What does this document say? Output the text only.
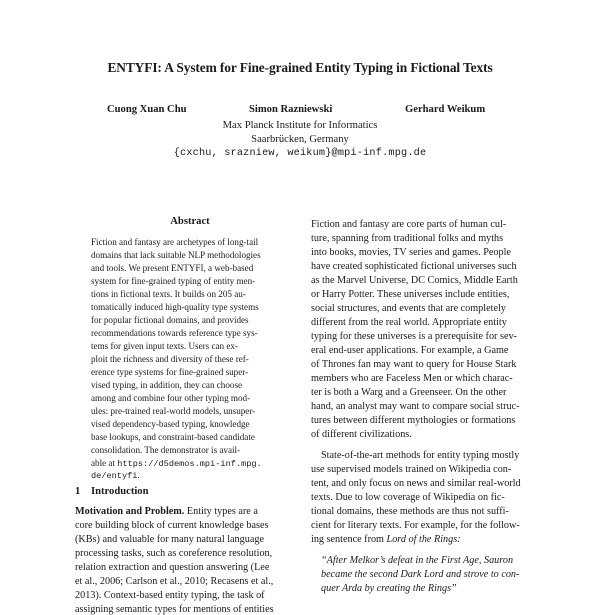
ENTYFI: A System for Fine-grained Entity Typing in Fictional Texts
Cuong Xuan Chu	Simon Razniewski	Gerhard Weikum
Max Planck Institute for Informatics
Saarbrücken, Germany
{cxchu, srazniew, weikum}@mpi-inf.mpg.de
Abstract
Fiction and fantasy are archetypes of long-tail
domains that lack suitable NLP methodologies
and tools. We present ENTYFI, a web-based
system for fine-grained typing of entity men-
tions in fictional texts. It builds on 205 au-
tomatically induced high-quality type systems
for popular fictional domains, and provides
recommendations towards reference type sys-
tems for given input texts. Users can ex-
ploit the richness and diversity of these ref-
erence type systems for fine-grained super-
vised typing, in addition, they can choose
among and combine four other typing mod-
ules: pre-trained real-world models, unsuper-
vised dependency-based typing, knowledge
base lookups, and constraint-based candidate
consolidation. The demonstrator is avail-
able at https://d5demos.mpi-inf.mpg.
de/entyfi.
1 Introduction
Motivation and Problem. Entity types are a
core building block of current knowledge bases
(KBs) and valuable for many natural language
processing tasks, such as coreference resolution,
relation extraction and question answering (Lee
et al., 2006; Carlson et al., 2010; Recasens et al.,
2013). Context-based entity typing, the task of
assigning semantic types for mentions of entities
Fiction and fantasy are core parts of human cul-
ture, spanning from traditional folks and myths
into books, movies, TV series and games. People
have created sophisticated fictional universes such
as the Marvel Universe, DC Comics, Middle Earth
or Harry Potter. These universes include entities,
social structures, and events that are completely
different from the real world. Appropriate entity
typing for these universes is a prerequisite for sev-
eral end-user applications. For example, a Game
of Thrones fan may want to query for House Stark
members who are Faceless Men or which charac-
ter is both a Warg and a Greenseer. On the other
hand, an analyst may want to compare social struc-
tures between different mythologies or formations
of different civilizations.
State-of-the-art methods for entity typing mostly
use supervised models trained on Wikipedia con-
tent, and only focus on news and similar real-world
texts. Due to low coverage of Wikipedia on fic-
tional domains, these methods are thus not suffi-
cient for literary texts. For example, for the follow-
ing sentence from Lord of the Rings:
“After Melkor’s defeat in the First Age, Sauron
became the second Dark Lord and strove to con-
quer Arda by creating the Rings”
